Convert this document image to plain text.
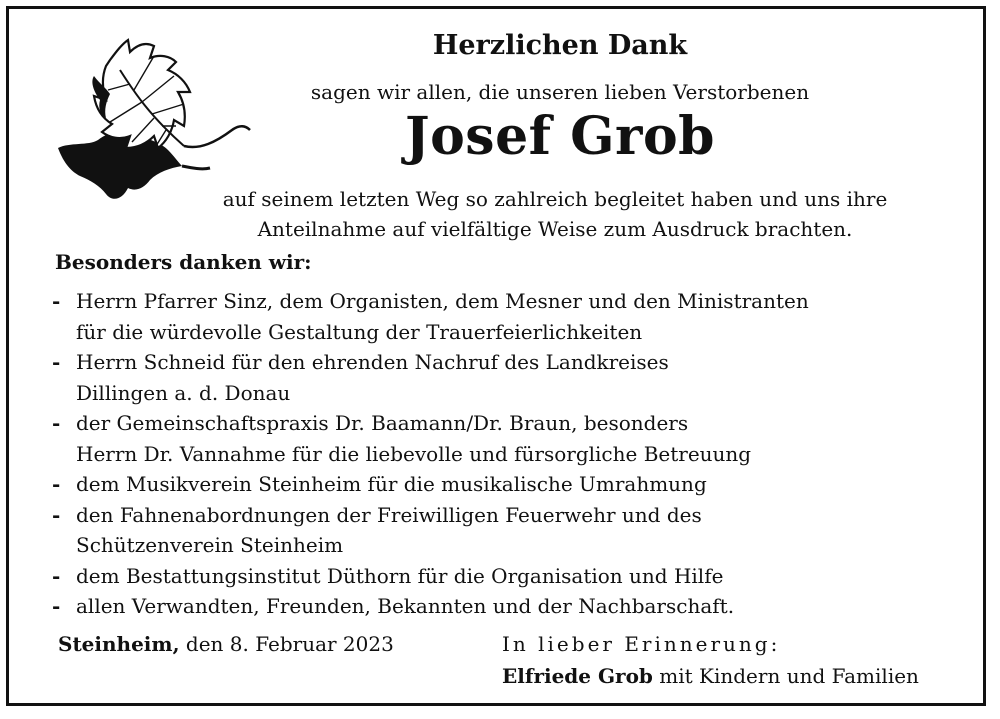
Herzlichen Dank
sagen wir allen, die unseren lieben Verstorbenen
Josef Grob
auf seinem letzten Weg so zahlreich begleitet haben und uns ihre
Anteilnahme auf vielfältige Weise zum Ausdruck brachten.
Besonders danken wir:
- Herrn Pfarrer Sinz, dem Organisten, dem Mesner und den Ministranten
für die würdevolle Gestaltung der Trauerfeierlichkeiten
- Herrn Schneid für den ehrenden Nachruf des Landkreises
Dillingen a. d. Donau
- der Gemeinschaftspraxis Dr. Baamann/Dr. Braun, besonders
Herrn Dr. Vannahme für die liebevolle und fürsorgliche Betreuung
- dem Musikverein Steinheim für die musikalische Umrahmung
- den Fahnenabordnungen der Freiwilligen Feuerwehr und des
Schützenverein Steinheim
- dem Bestattungsinstitut Düthorn für die Organisation und Hilfe
- allen Verwandten, Freunden, Bekannten und der Nachbarschaft.
Steinheim, den 8. Februar 2023	In lieber Erinnerung:
Elfriede Grob mit Kindern und Familien
